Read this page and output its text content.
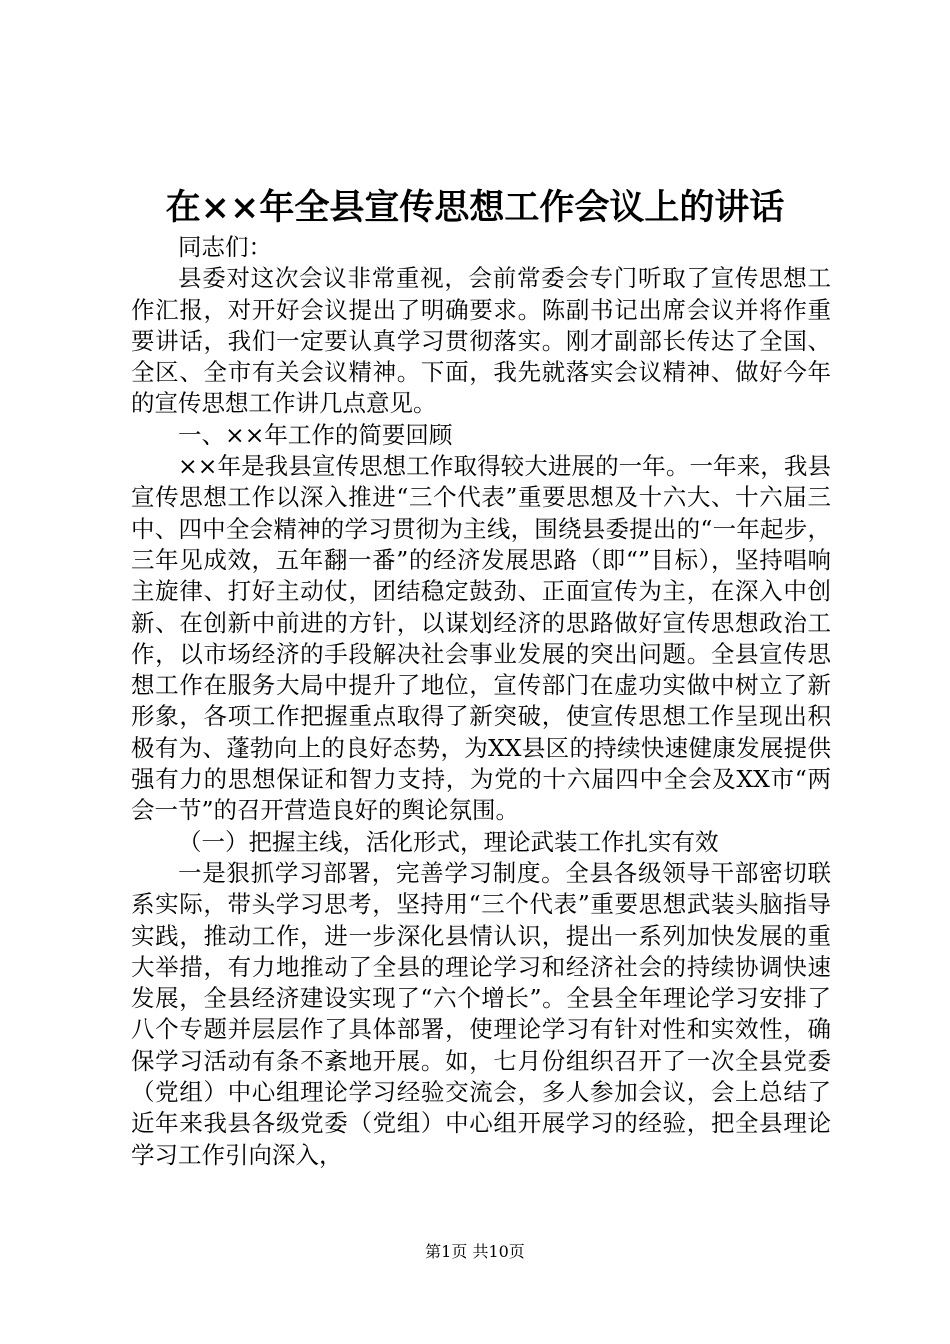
在××年全县宣传思想工作会议上的讲话

同志们：

县委对这次会议非常重视，会前常委会专门听取了宣传思想工作汇报，对开好会议提出了明确要求。陈副书记出席会议并将作重要讲话，我们一定要认真学习贯彻落实。刚才副部长传达了全国、全区、全市有关会议精神。下面，我先就落实会议精神、做好今年的宣传思想工作讲几点意见。

一、××年工作的简要回顾

××年是我县宣传思想工作取得较大进展的一年。一年来，我县宣传思想工作以深入推进“三个代表”重要思想及十六大、十六届三中、四中全会精神的学习贯彻为主线，围绕县委提出的“一年起步，三年见成效，五年翻一番”的经济发展思路（即“”目标），坚持唱响主旋律、打好主动仗，团结稳定鼓劲、正面宣传为主，在深入中创新、在创新中前进的方针，以谋划经济的思路做好宣传思想政治工作，以市场经济的手段解决社会事业发展的突出问题。全县宣传思想工作在服务大局中提升了地位，宣传部门在虚功实做中树立了新形象，各项工作把握重点取得了新突破，使宣传思想工作呈现出积极有为、蓬勃向上的良好态势，为XX县区的持续快速健康发展提供强有力的思想保证和智力支持，为党的十六届四中全会及XX市“两会一节”的召开营造良好的舆论氛围。

（一）把握主线，活化形式，理论武装工作扎实有效

一是狠抓学习部署，完善学习制度。全县各级领导干部密切联系实际，带头学习思考，坚持用“三个代表”重要思想武装头脑指导实践，推动工作，进一步深化县情认识，提出一系列加快发展的重大举措，有力地推动了全县的理论学习和经济社会的持续协调快速发展，全县经济建设实现了“六个增长”。全县全年理论学习安排了八个专题并层层作了具体部署，使理论学习有针对性和实效性，确保学习活动有条不紊地开展。如，七月份组织召开了一次全县党委（党组）中心组理论学习经验交流会，多人参加会议，会上总结了近年来我县各级党委（党组）中心组开展学习的经验，把全县理论学习工作引向深入，

第1页 共10页
